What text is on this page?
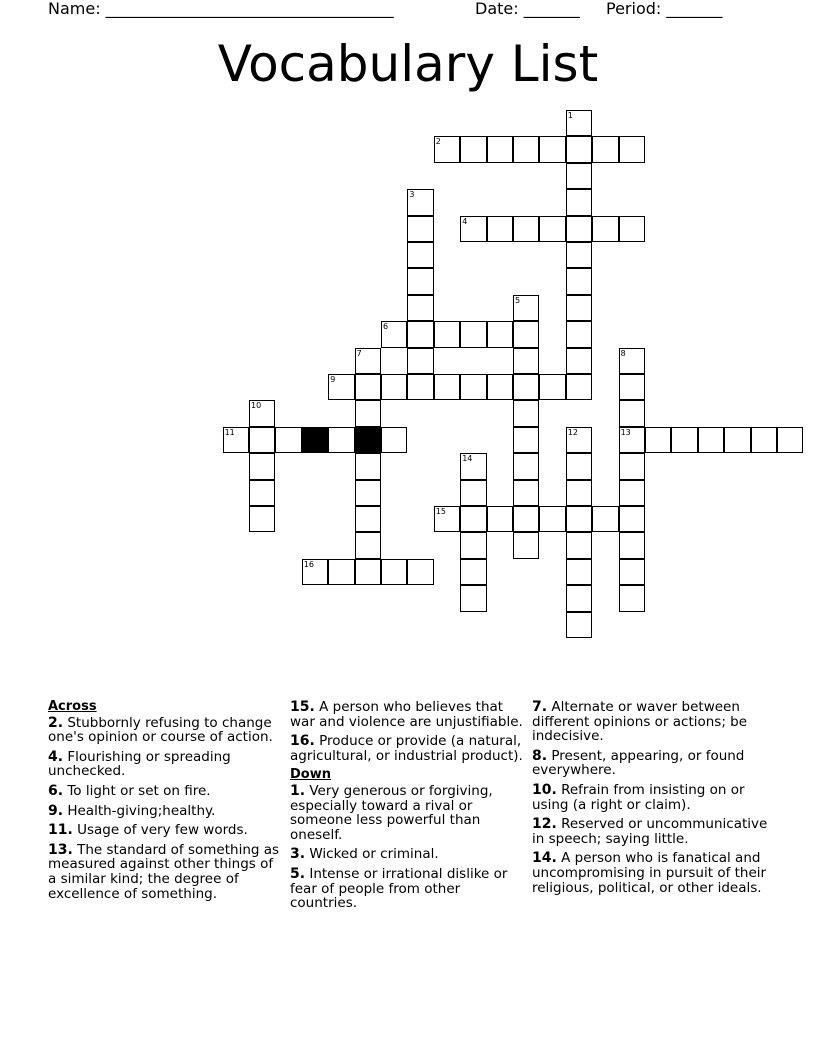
Name: ____________________________________	Date: _______ Period: _______
Vocabulary List
1
2
3
4
5
6
7	8
13
9
10
11	12
14
15
16
Across
2. Stubbornly refusing to change one's opinion or course of action.
4. Flourishing or spreading unchecked.
6. To light or set on fire.
9. Health-giving;healthy.
11. Usage of very few words.
13. The standard of something as measured against other things of a similar kind; the degree of excellence of something.
15. A person who believes that war and violence are unjustifiable.
16. Produce or provide (a natural, agricultural, or industrial product).
Down
1. Very generous or forgiving, especially toward a rival or someone less powerful than oneself.
3. Wicked or criminal.
5. Intense or irrational dislike or fear of people from other countries.
7. Alternate or waver between different opinions or actions; be indecisive.
8. Present, appearing, or found everywhere.
10. Refrain from insisting on or using (a right or claim).
12. Reserved or uncommunicative in speech; saying little.
14. A person who is fanatical and uncompromising in pursuit of their religious, political, or other ideals.
